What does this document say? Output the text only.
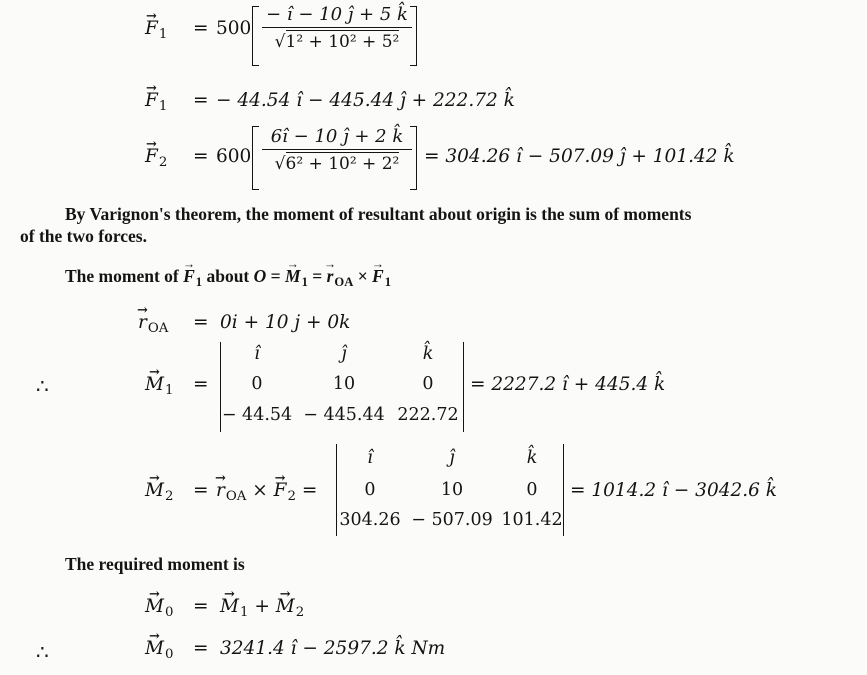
→ $F_1 = 500 \frac{- î - 10 ĵ + 5 k̂}{\text{√1² + 10² + 5²}}$
→ $F_1$ = − 44.54 î − 445.44 ĵ + 222.72 k̂
→ $F_2 = 600 \frac{6î - 10 ĵ + 2 k̂}{\text{√6² + 10² + 2²}} = 304.26$ î − 507.09 ĵ + 101.42 k̂
By Varignon's theorem, the moment of resultant about origin is the sum of moments
of the two forces.
The moment of → $F_1$ about O = → $M_1$ = → $r_{OA}$ × → $F_1$
→ $r_{OA} = 0i + 10$ j + 0k
∴	→ $M_1$ =
î	ĵ	k̂
0	10	0
− 44.54 − 445.44 222.72
= 2227.2 î + 445.4 k̂
→ $M_2$ = → $r_{OA}$ × → $F_2$ =
î	ĵ	k̂
0	10	0
304.26 − 507.09 101.42
= 1014.2 î − 3042.6 k̂
The required moment is
→ $M_0$ = → $M_1$ + → $M_2$
∴	→ $M_0 = 3241.4$ î − 2597.2 k̂ Nm
